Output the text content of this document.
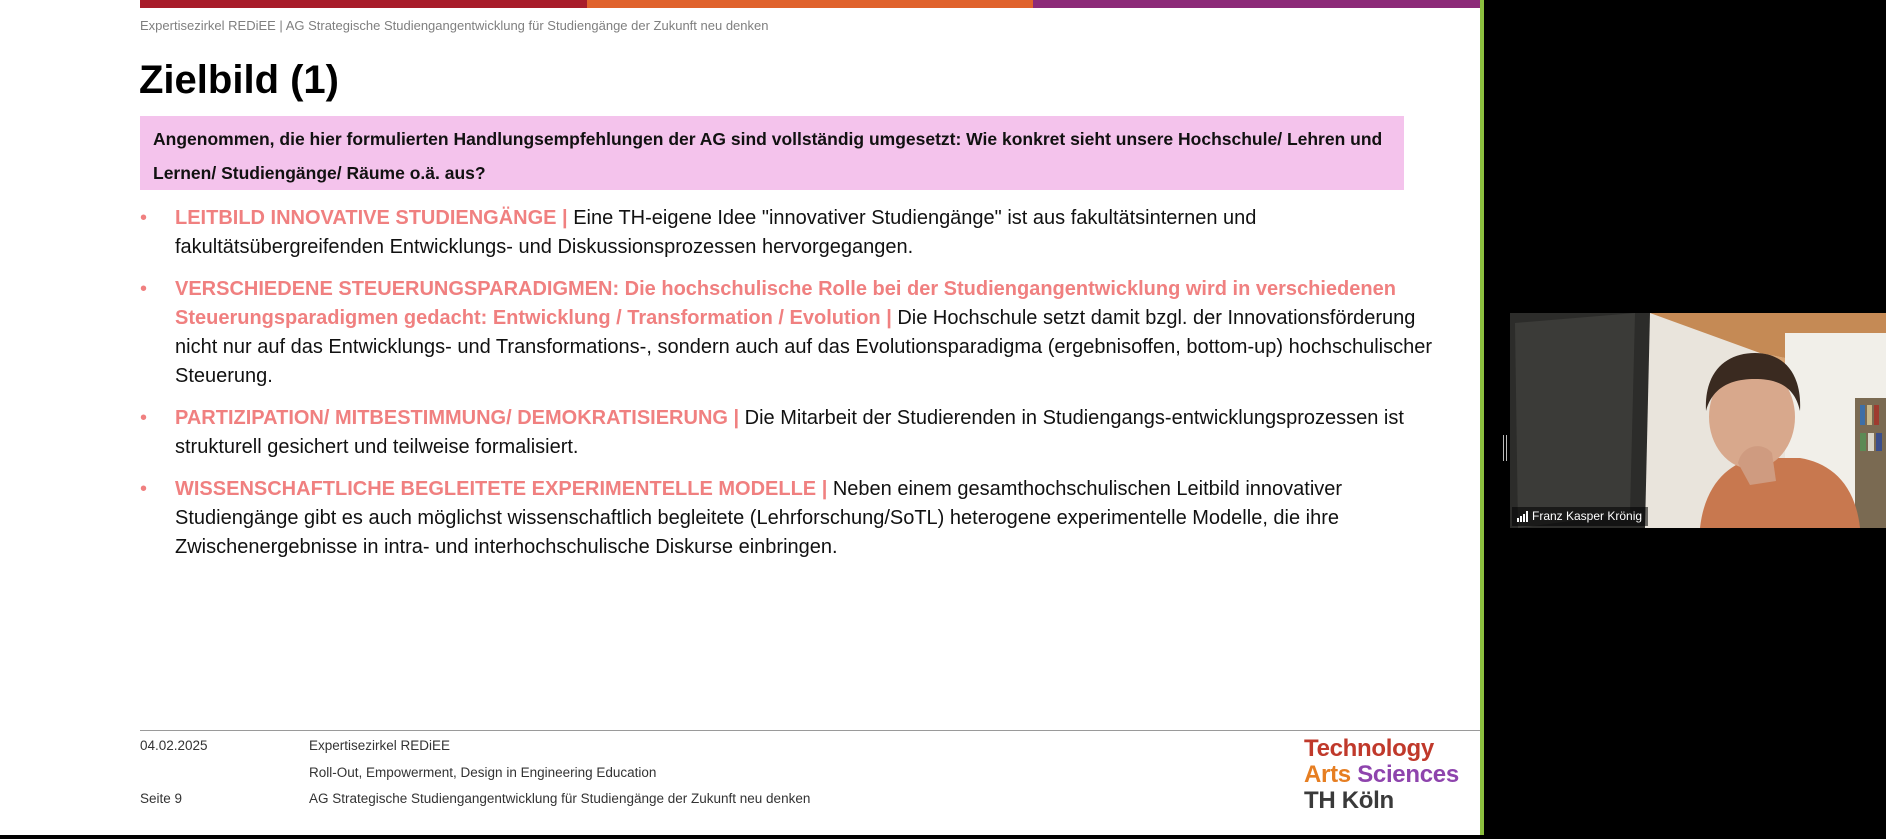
Expertisezirkel REDiEE | AG Strategische Studiengangentwicklung für Studiengänge der Zukunft neu denken
Zielbild (1)
Angenommen, die hier formulierten Handlungsempfehlungen der AG sind vollständig umgesetzt: Wie konkret sieht unsere Hochschule/ Lehren und Lernen/ Studiengänge/ Räume o.ä. aus?
• LEITBILD INNOVATIVE STUDIENGÄNGE | Eine TH-eigene Idee "innovativer Studiengänge" ist aus fakultätsinternen und fakultätsübergreifenden Entwicklungs- und Diskussionsprozessen hervorgegangen.
• VERSCHIEDENE STEUERUNGSPARADIGMEN: Die hochschulische Rolle bei der Studiengangentwicklung wird in verschiedenen Steuerungsparadigmen gedacht: Entwicklung / Transformation / Evolution | Die Hochschule setzt damit bzgl. der Innovationsförderung nicht nur auf das Entwicklungs- und Transformations-, sondern auch auf das Evolutionsparadigma (ergebnisoffen, bottom-up) hochschulischer Steuerung.
• PARTIZIPATION/ MITBESTIMMUNG/ DEMOKRATISIERUNG | Die Mitarbeit der Studierenden in Studiengangs-entwicklungsprozessen ist strukturell gesichert und teilweise formalisiert.
• WISSENSCHAFTLICHE BEGLEITETE EXPERIMENTELLE MODELLE | Neben einem gesamthochschulischen Leitbild innovativer Studiengänge gibt es auch möglichst wissenschaftlich begleitete (Lehrforschung/SoTL) heterogene experimentelle Modelle, die ihre Zwischenergebnisse in intra- und interhochschulische Diskurse einbringen.
04.02.2025
Seite 9
Expertisezirkel REDiEE
Roll-Out, Empowerment, Design in Engineering Education
AG Strategische Studiengangentwicklung für Studiengänge der Zukunft neu denken
Technology
Arts Sciences
TH Köln
Franz Kasper Krönig
